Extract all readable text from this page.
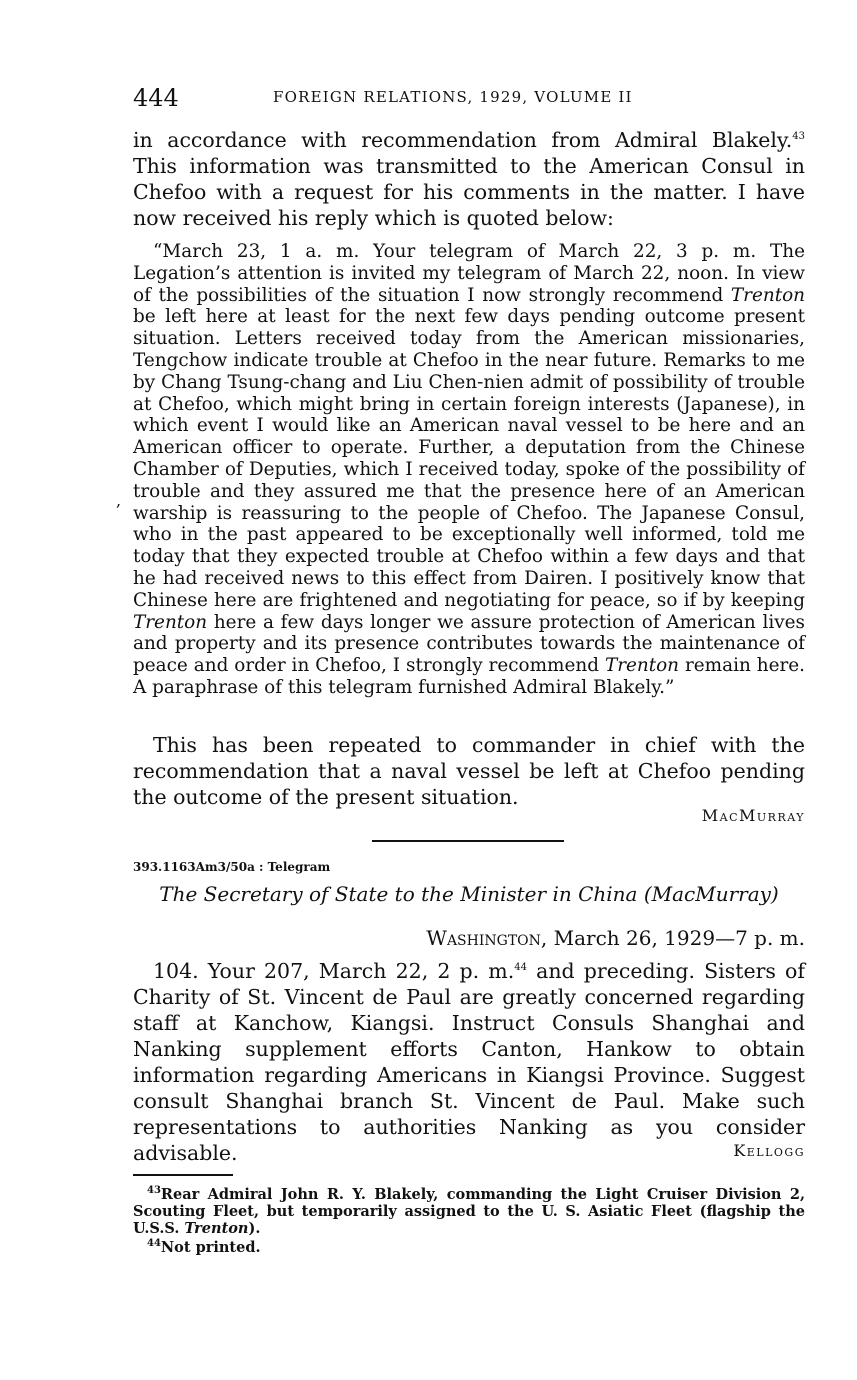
444	FOREIGN RELATIONS, 1929, VOLUME II

in accordance with recommendation from Admiral Blakely.$^{43}$ This information was transmitted to the American Consul in Chefoo with a request for his comments in the matter. I have now received his reply which is quoted below:

,

“March 23, 1 a. m. Your telegram of March 22, 3 p. m. The Legation’s attention is invited my telegram of March 22, noon. In view of the possibilities of the situation I now strongly recommend Trenton be left here at least for the next few days pending outcome present situation. Letters received today from the American missionaries, Tengchow indicate trouble at Chefoo in the near future. Remarks to me by Chang Tsung-chang and Liu Chen-nien admit of possibility of trouble at Chefoo, which might bring in certain foreign interests (Japanese), in which event I would like an American naval vessel to be here and an American officer to operate. Further, a deputation from the Chinese Chamber of Deputies, which I received today, spoke of the possibility of trouble and they assured me that the presence here of an American warship is reassuring to the people of Chefoo. The Japanese Consul, who in the past appeared to be exceptionally well informed, told me today that they expected trouble at Chefoo within a few days and that he had received news to this effect from Dairen. I positively know that Chinese here are frightened and negotiating for peace, so if by keeping Trenton here a few days longer we assure protection of American lives and property and its presence contributes towards the maintenance of peace and order in Chefoo, I strongly recommend Trenton remain here. A paraphrase of this telegram furnished Admiral Blakely.”

This has been repeated to commander in chief with the recommendation that a naval vessel be left at Chefoo pending the outcome of the present situation.

MacMurray
393.1163Am3/50a : Telegram
The Secretary of State to the Minister in China (MacMurray)
Washington, March 26, 1929—7 p. m.

104. Your 207, March 22, 2 p. m.$^{44}$ and preceding. Sisters of Charity of St. Vincent de Paul are greatly concerned regarding staff at Kanchow, Kiangsi. Instruct Consuls Shanghai and Nanking supplement efforts Canton, Hankow to obtain information regarding Americans in Kiangsi Province. Suggest consult Shanghai branch St. Vincent de Paul. Make such representations to authorities Nanking as you consider advisable.	Kellogg

$^{43}$Rear Admiral John R. Y. Blakely, commanding the Light Cruiser Division 2, Scouting Fleet, but temporarily assigned to the U. S. Asiatic Fleet (flagship the U.S.S. Trenton).

$^{44}$Not printed.
